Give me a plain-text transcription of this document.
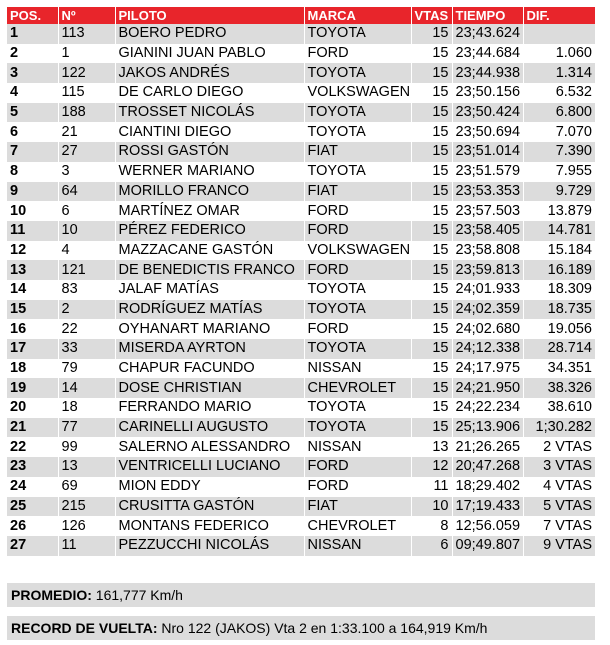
POS.	Nº	PILOTO	MARCA	VTAS	TIEMPO	DIF.
1	113	BOERO PEDRO	TOYOTA	15	23;43.624	
2	1	GIANINI JUAN PABLO	FORD	15	23;44.684	1.060
3	122	JAKOS ANDRÉS	TOYOTA	15	23;44.938	1.314
4	115	DE CARLO DIEGO	VOLKSWAGEN	15	23;50.156	6.532
5	188	TROSSET NICOLÁS	TOYOTA	15	23;50.424	6.800
6	21	CIANTINI DIEGO	TOYOTA	15	23;50.694	7.070
7	27	ROSSI GASTÓN	FIAT	15	23;51.014	7.390
8	3	WERNER MARIANO	TOYOTA	15	23;51.579	7.955
9	64	MORILLO FRANCO	FIAT	15	23;53.353	9.729
10	6	MARTÍNEZ OMAR	FORD	15	23;57.503	13.879
11	10	PÉREZ FEDERICO	FORD	15	23;58.405	14.781
12	4	MAZZACANE GASTÓN	VOLKSWAGEN	15	23;58.808	15.184
13	121	DE BENEDICTIS FRANCO	FORD	15	23;59.813	16.189
14	83	JALAF MATÍAS	TOYOTA	15	24;01.933	18.309
15	2	RODRÍGUEZ MATÍAS	TOYOTA	15	24;02.359	18.735
16	22	OYHANART MARIANO	FORD	15	24;02.680	19.056
17	33	MISERDA AYRTON	TOYOTA	15	24;12.338	28.714
18	79	CHAPUR FACUNDO	NISSAN	15	24;17.975	34.351
19	14	DOSE CHRISTIAN	CHEVROLET	15	24;21.950	38.326
20	18	FERRANDO MARIO	TOYOTA	15	24;22.234	38.610
21	77	CARINELLI AUGUSTO	TOYOTA	15	25;13.906	1;30.282
22	99	SALERNO ALESSANDRO	NISSAN	13	21;26.265	2 VTAS
23	13	VENTRICELLI LUCIANO	FORD	12	20;47.268	3 VTAS
24	69	MION EDDY	FORD	11	18;29.402	4 VTAS
25	215	CRUSITTA GASTÓN	FIAT	10	17;19.433	5 VTAS
26	126	MONTANS FEDERICO	CHEVROLET	8	12;56.059	7 VTAS
27	11	PEZZUCCHI NICOLÁS	NISSAN	6	09;49.807	9 VTAS
PROMEDIO: 161,777 Km/h
RECORD DE VUELTA: Nro 122 (JAKOS) Vta 2 en 1:33.100 a 164,919 Km/h
